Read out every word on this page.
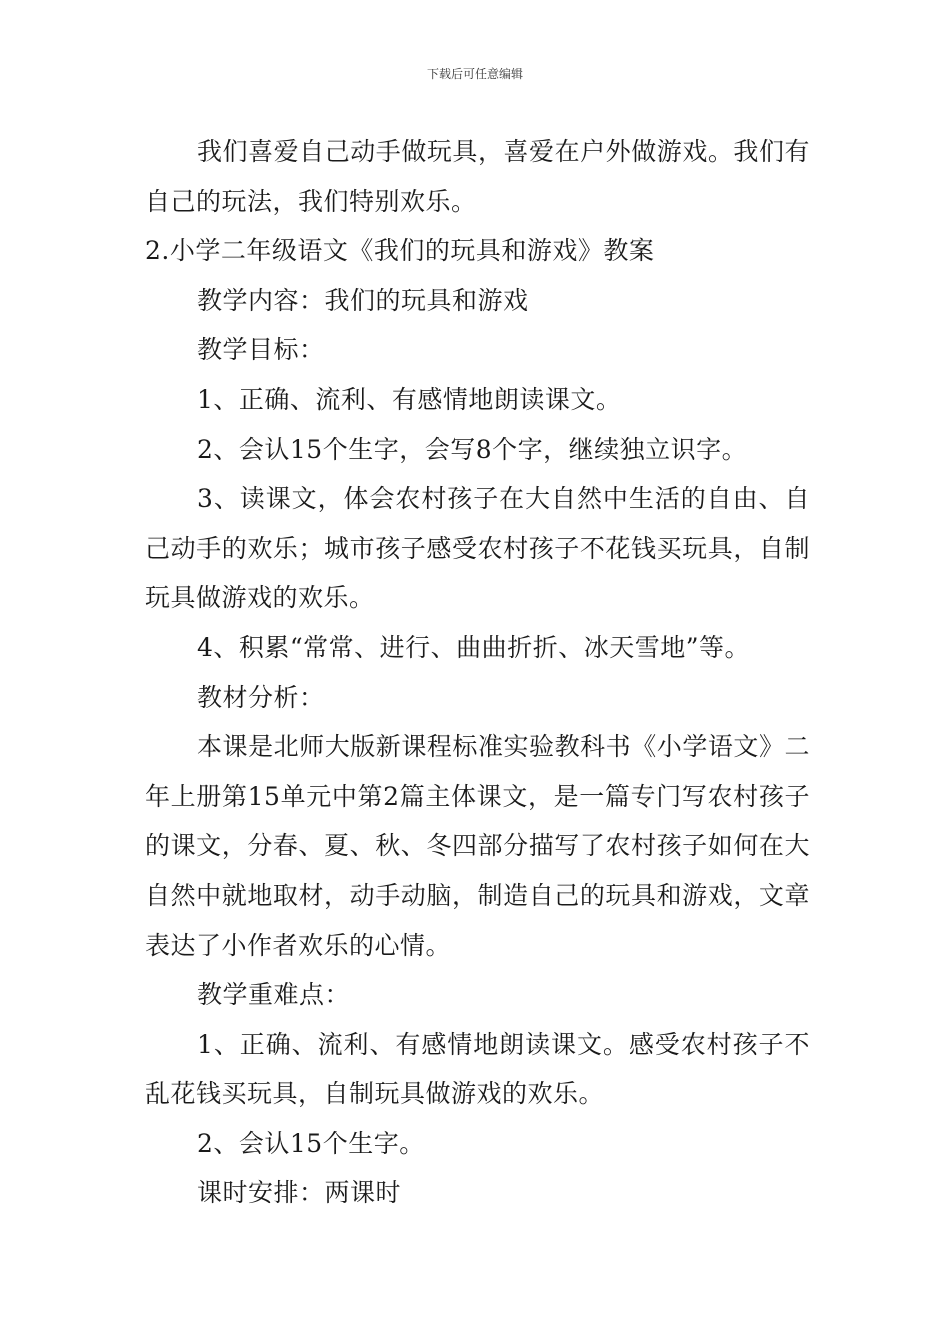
下载后可任意编辑

我们喜爱自己动手做玩具，喜爱在户外做游戏。我们有自己的玩法，我们特别欢乐。

2.小学二年级语文《我们的玩具和游戏》教案

教学内容：我们的玩具和游戏

教学目标：

1、正确、流利、有感情地朗读课文。

2、会认15个生字，会写8个字，继续独立识字。

3、读课文，体会农村孩子在大自然中生活的自由、自己动手的欢乐；城市孩子感受农村孩子不花钱买玩具，自制玩具做游戏的欢乐。

4、积累“常常、进行、曲曲折折、冰天雪地”等。

教材分析：

本课是北师大版新课程标准实验教科书《小学语文》二年上册第15单元中第2篇主体课文，是一篇专门写农村孩子的课文，分春、夏、秋、冬四部分描写了农村孩子如何在大自然中就地取材，动手动脑，制造自己的玩具和游戏，文章表达了小作者欢乐的心情。

教学重难点：

1、正确、流利、有感情地朗读课文。感受农村孩子不乱花钱买玩具，自制玩具做游戏的欢乐。

2、会认15个生字。

课时安排：两课时
